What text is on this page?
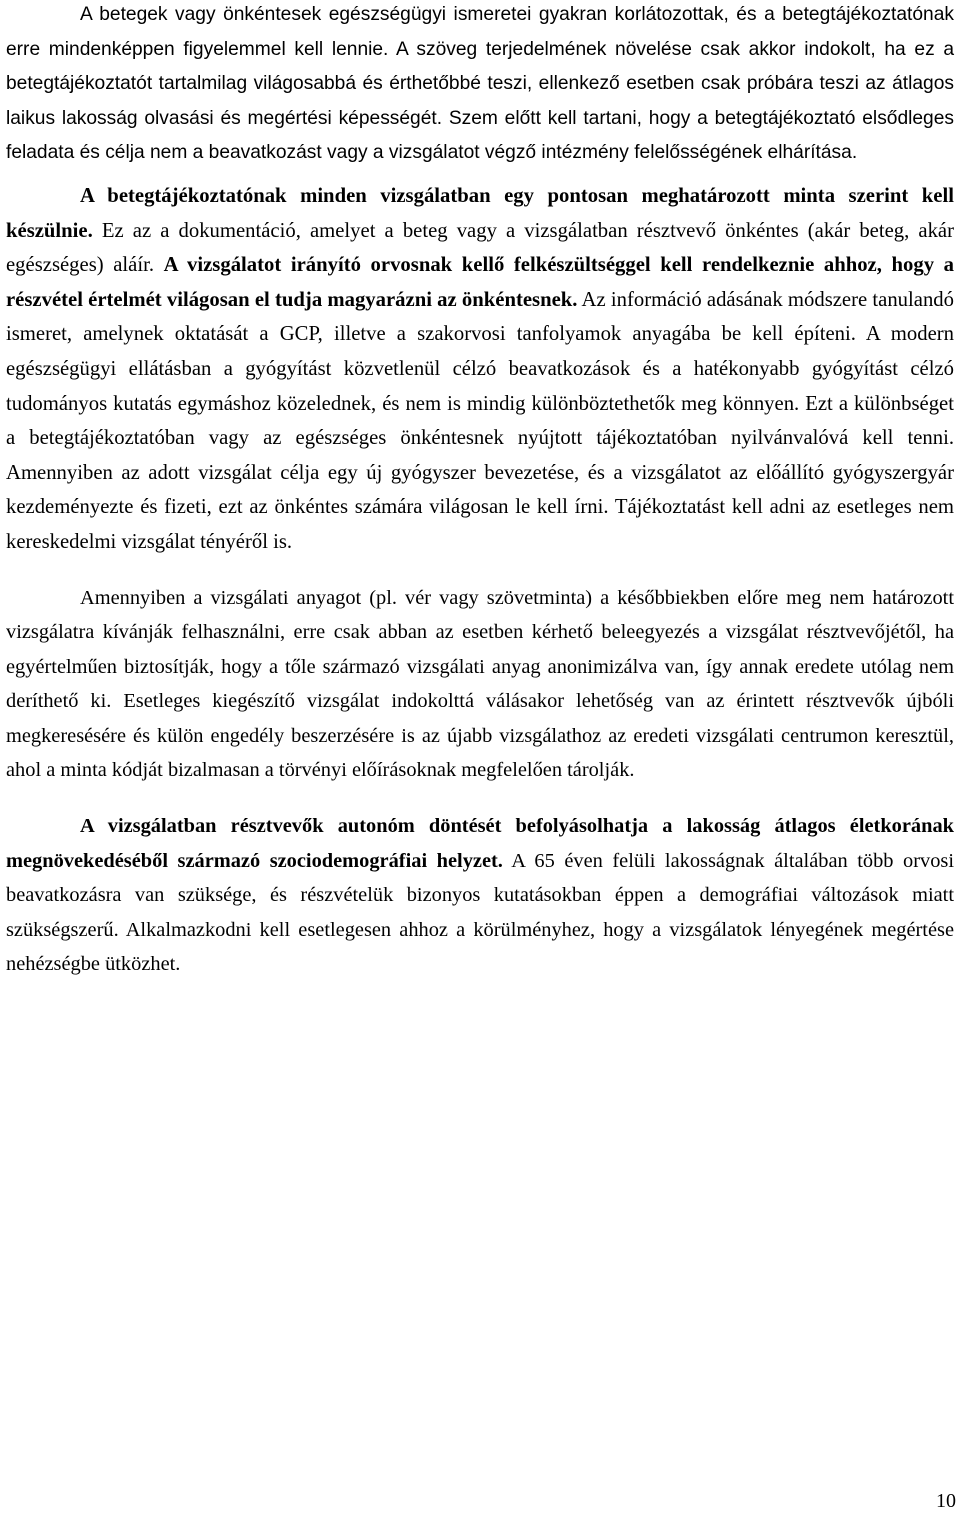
A betegek vagy önkéntesek egészségügyi ismeretei gyakran korlátozottak, és a betegtájékoztatónak erre mindenképpen figyelemmel kell lennie. A szöveg terjedelmének növelése csak akkor indokolt, ha ez a betegtájékoztatót tartalmilag világosabbá és érthetőbbé teszi, ellenkező esetben csak próbára teszi az átlagos laikus lakosság olvasási és megértési képességét. Szem előtt kell tartani, hogy a betegtájékoztató elsődleges feladata és célja nem a beavatkozást vagy a vizsgálatot végző intézmény felelősségének elhárítása.

A betegtájékoztatónak minden vizsgálatban egy pontosan meghatározott minta szerint kell készülnie. Ez az a dokumentáció, amelyet a beteg vagy a vizsgálatban résztvevő önkéntes (akár beteg, akár egészséges) aláír. A vizsgálatot irányító orvosnak kellő felkészültséggel kell rendelkeznie ahhoz, hogy a részvétel értelmét világosan el tudja magyarázni az önkéntesnek. Az információ adásának módszere tanulandó ismeret, amelynek oktatását a GCP, illetve a szakorvosi tanfolyamok anyagába be kell építeni. A modern egészségügyi ellátásban a gyógyítást közvetlenül célzó beavatkozások és a hatékonyabb gyógyítást célzó tudományos kutatás egymáshoz közelednek, és nem is mindig különböztethetők meg könnyen. Ezt a különbséget a betegtájékoztatóban vagy az egészséges önkéntesnek nyújtott tájékoztatóban nyilvánvalóvá kell tenni. Amennyiben az adott vizsgálat célja egy új gyógyszer bevezetése, és a vizsgálatot az előállító gyógyszergyár kezdeményezte és fizeti, ezt az önkéntes számára világosan le kell írni. Tájékoztatást kell adni az esetleges nem kereskedelmi vizsgálat tényéről is.

Amennyiben a vizsgálati anyagot (pl. vér vagy szövetminta) a későbbiekben előre meg nem határozott vizsgálatra kívánják felhasználni, erre csak abban az esetben kérhető beleegyezés a vizsgálat résztvevőjétől, ha egyértelműen biztosítják, hogy a tőle származó vizsgálati anyag anonimizálva van, így annak eredete utólag nem deríthető ki. Esetleges kiegészítő vizsgálat indokolttá válásakor lehetőség van az érintett résztvevők újbóli megkeresésére és külön engedély beszerzésére is az újabb vizsgálathoz az eredeti vizsgálati centrumon keresztül, ahol a minta kódját bizalmasan a törvényi előírásoknak megfelelően tárolják.

A vizsgálatban résztvevők autonóm döntését befolyásolhatja a lakosság átlagos életkorának megnövekedéséből származó szociodemográfiai helyzet. A 65 éven felüli lakosságnak általában több orvosi beavatkozásra van szüksége, és részvételük bizonyos kutatásokban éppen a demográfiai változások miatt szükségszerű. Alkalmazkodni kell esetlegesen ahhoz a körülményhez, hogy a vizsgálatok lényegének megértése nehézségbe ütközhet.

10
